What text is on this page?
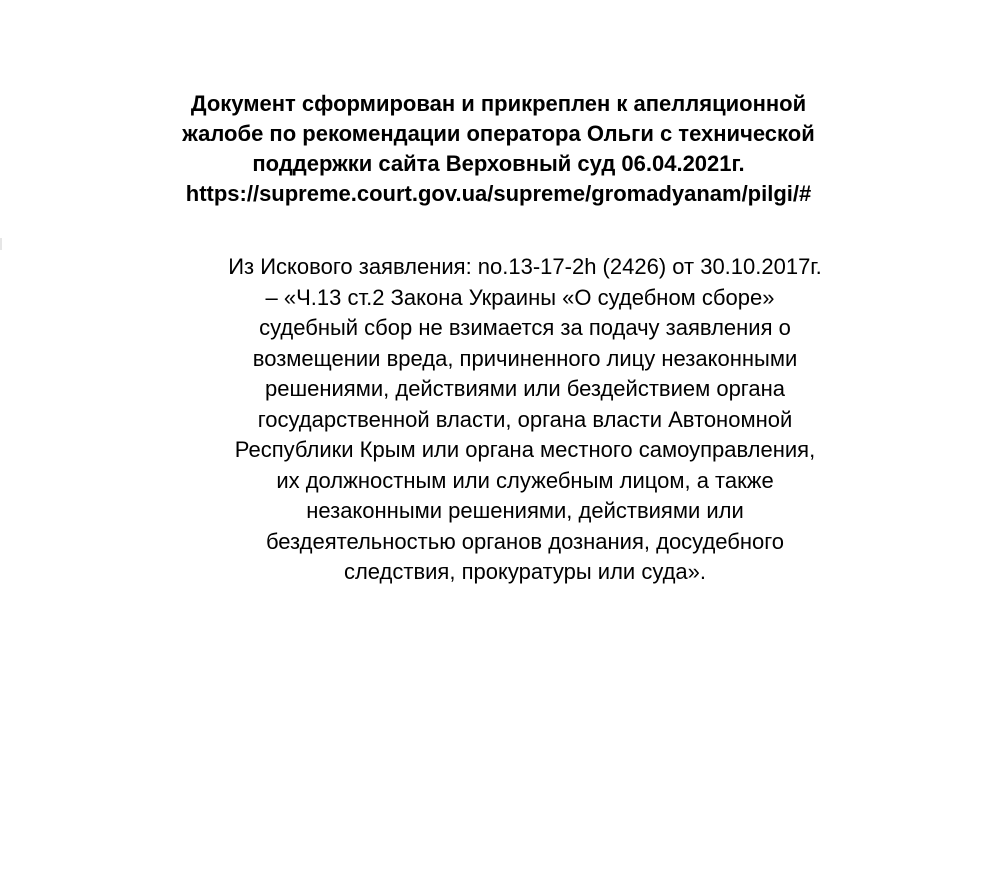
Документ сформирован и прикреплен к апелляционной
жалобе по рекомендации оператора Ольги с технической
поддержки сайта Верховный суд 06.04.2021г.
https://supreme.court.gov.ua/supreme/gromadyanam/pilgi/#
Из Искового заявления: no.13-17-2h (2426) от 30.10.2017г.
– «Ч.13 ст.2 Закона Украины «О судебном сборе»
судебный сбор не взимается за подачу заявления о
возмещении вреда, причиненного лицу незаконными
решениями, действиями или бездействием органа
государственной власти, органа власти Автономной
Республики Крым или органа местного самоуправления,
их должностным или служебным лицом, а также
незаконными решениями, действиями или
бездеятельностью органов дознания, досудебного
следствия, прокуратуры или суда».
